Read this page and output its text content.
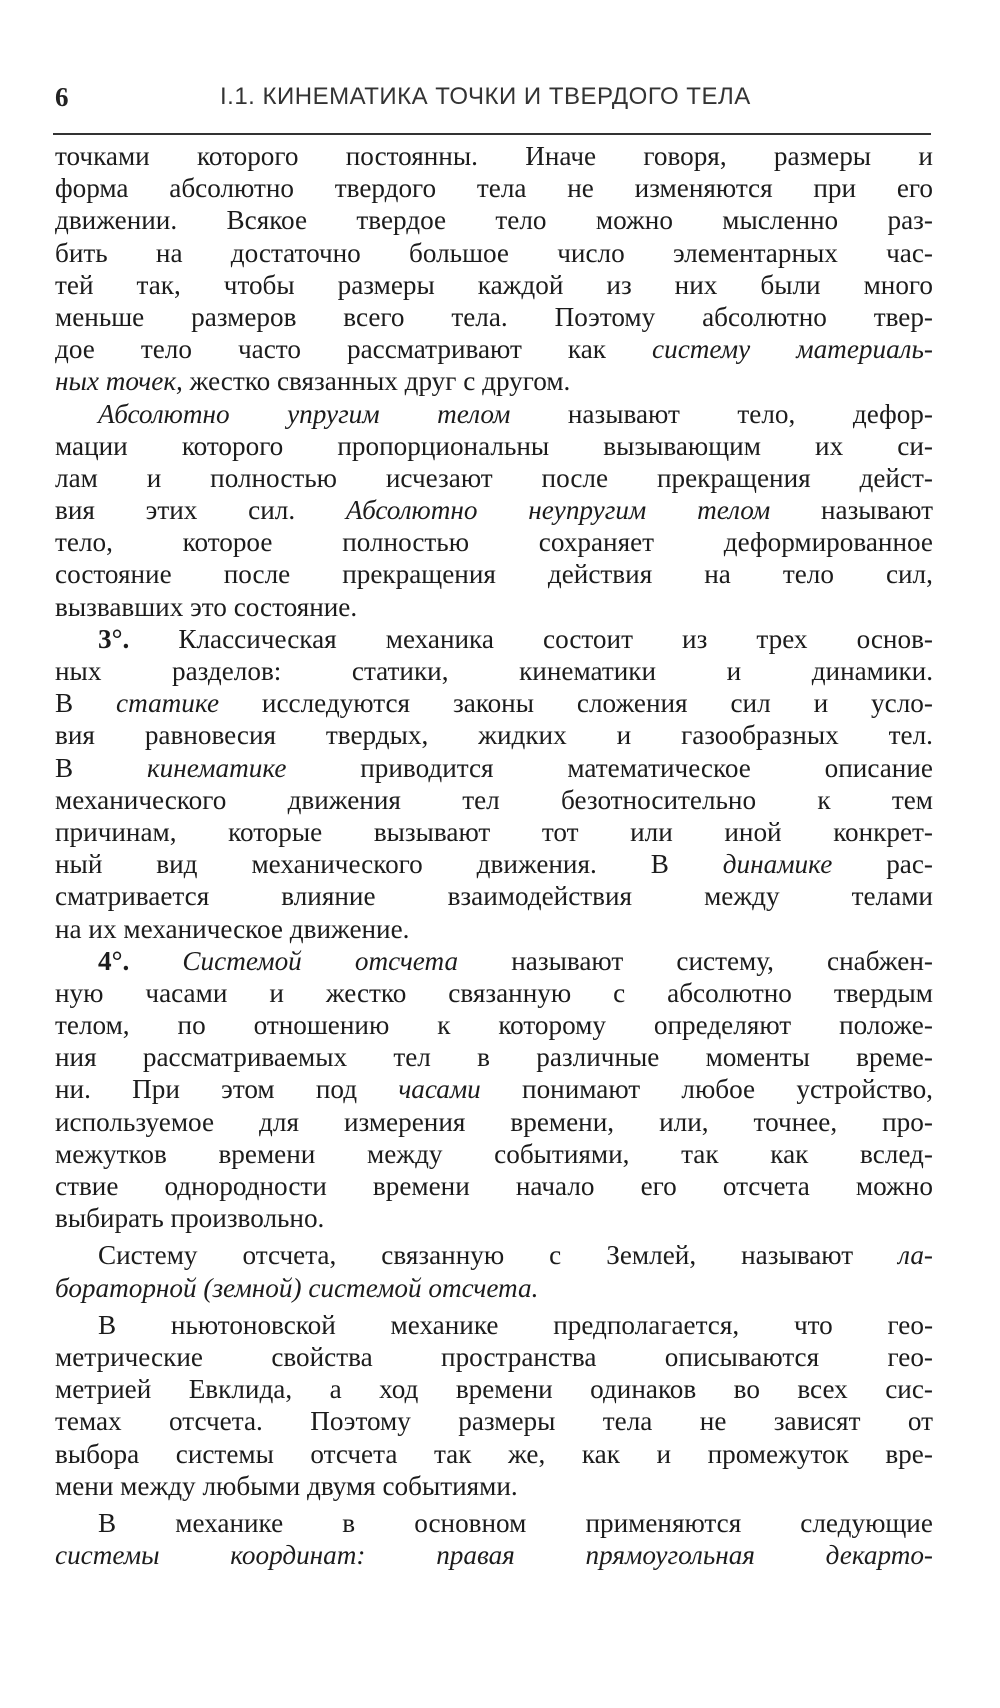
6	I.1. КИНЕМАТИКА ТОЧКИ И ТВЕРДОГО ТЕЛА
точками которого постоянны. Иначе говоря, размеры и
форма абсолютно твердого тела не изменяются при его
движении. Всякое твердое тело можно мысленно раз-
бить на достаточно большое число элементарных час-
тей так, чтобы размеры каждой из них были много
меньше размеров всего тела. Поэтому абсолютно твер-
дое тело часто рассматривают как систему материаль-
ных
точек,
жестко
связанных
друг
с
другом.
Абсолютно упругим телом называют тело, дефор-
мации которого пропорциональны вызывающим их си-
лам и полностью исчезают после прекращения дейст-
вия этих сил. Абсолютно неупругим телом называют
тело,	которое	полностью	сохраняет	деформированное
состояние после прекращения действия на тело сил,
вызвавших
это
состояние.
3°. Классическая механика состоит из трех основ-
ных	разделов:	статики,	кинематики	и	динамики.
В статике исследуются законы сложения сил и усло-
вия равновесия твердых, жидких и газообразных тел.
В	кинематике	приводится	математическое	описание
механического движения тел безотносительно к тем
причинам, которые вызывают тот или иной конкрет-
ный вид механического движения. В динамике рас-
сматривается	влияние	взаимодействия	между	телами
на
их
механическое
движение.
4°. Системой отсчета называют систему, снабжен-
ную часами и жестко связанную с абсолютно твердым
телом, по отношению к которому определяют положе-
ния рассматриваемых тел в различные моменты време-
ни. При этом под часами понимают любое устройство,
используемое для измерения времени, или, точнее, про-
межутков времени между событиями, так как вслед-
ствие однородности времени начало его отсчета можно
выбирать
произвольно.
Систему отсчета, связанную с Землей, называют ла-
бораторной
(земной)
системой
отсчета.
В ньютоновской механике предполагается, что гео-
метрические	свойства	пространства	описываются	гео-
метрией Евклида, а ход времени одинаков во всех сис-
темах отсчета. Поэтому размеры тела не зависят от
выбора системы отсчета так же, как и промежуток вре-
мени
между
любыми
двумя
событиями.
В механике в основном применяются следующие
системы	координат:	правая	прямоугольная	декарто-
